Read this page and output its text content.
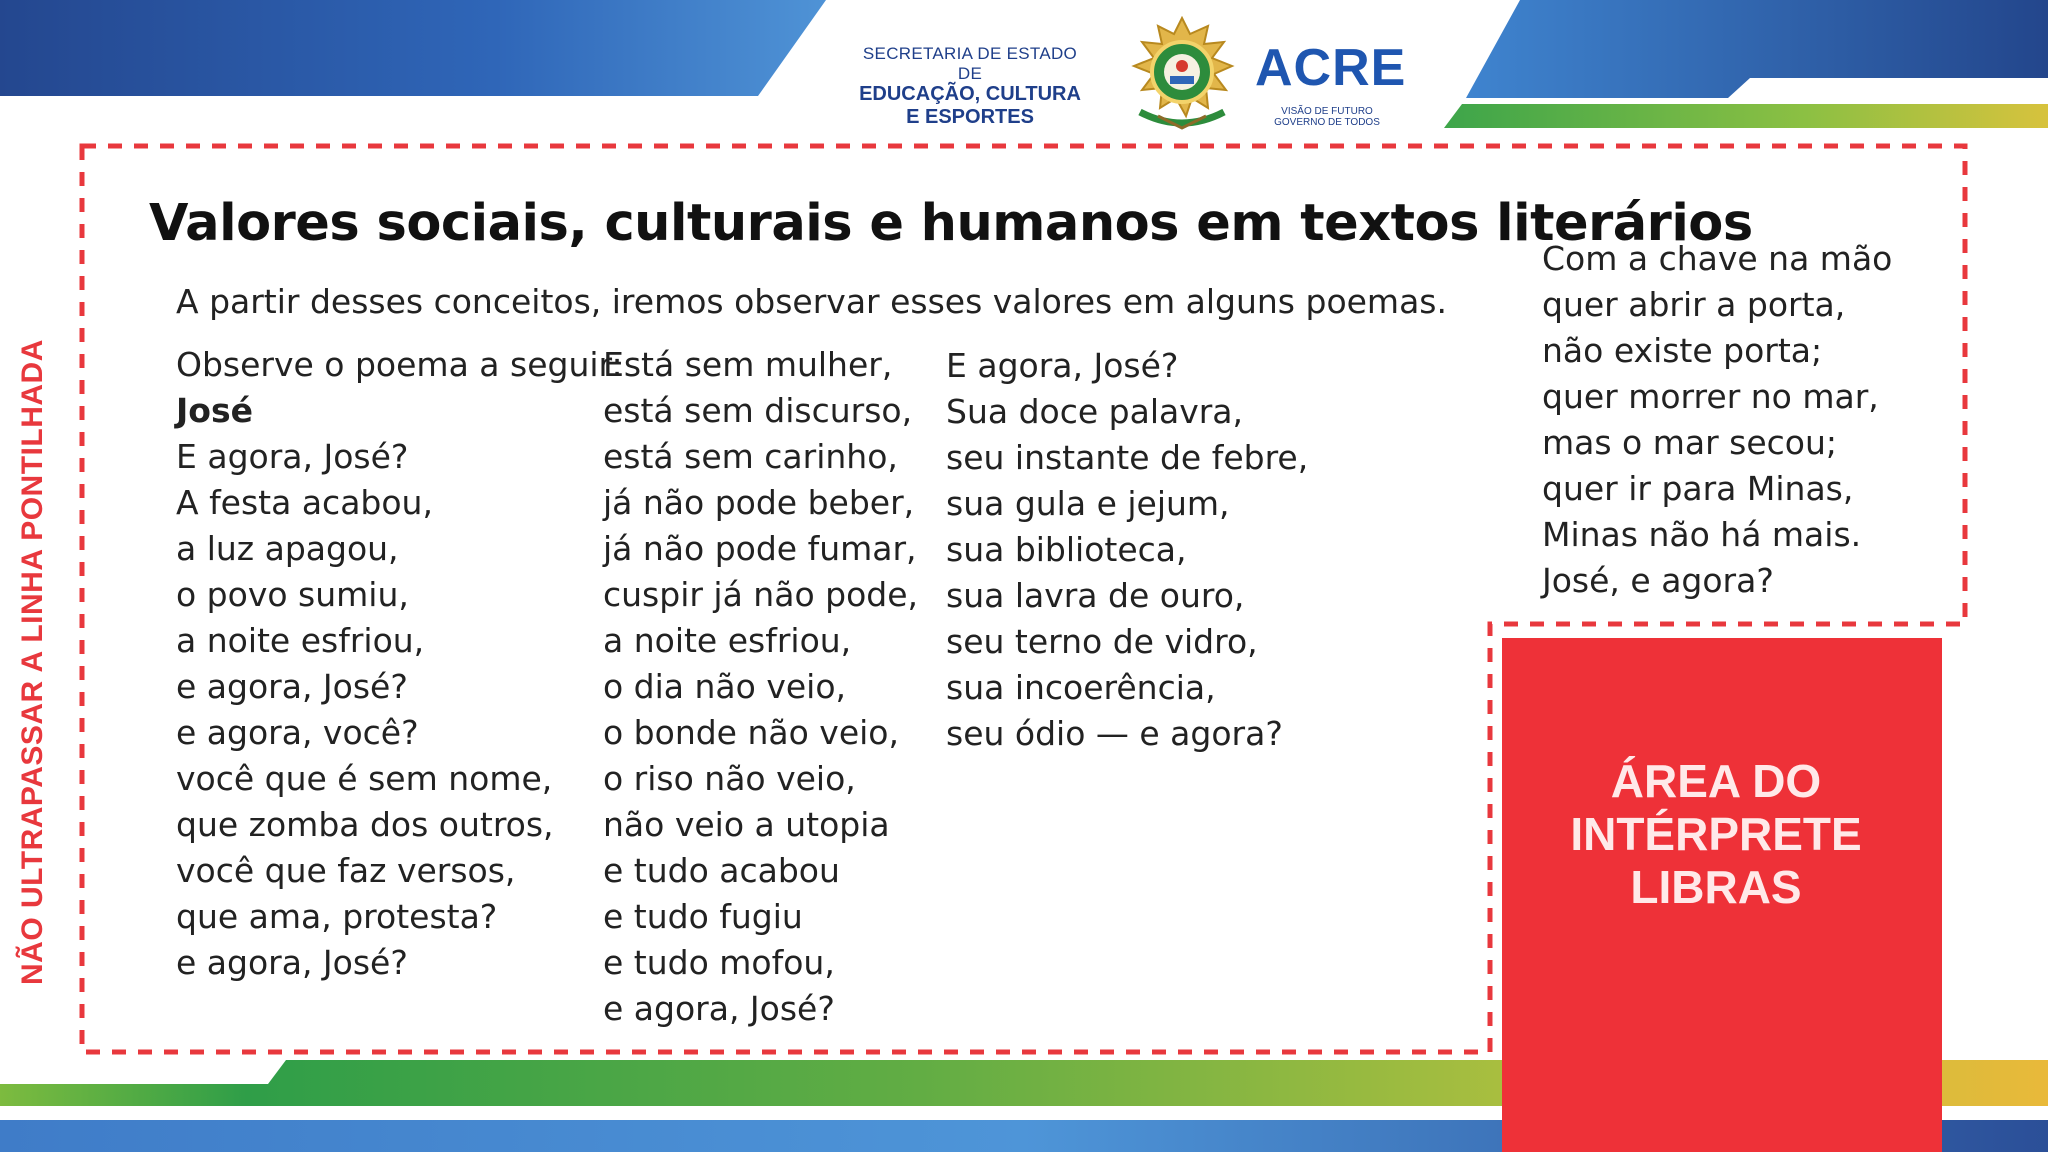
SECRETARIA DE ESTADO DE
EDUCAÇÃO, CULTURA
E ESPORTES
ACRE
VISÃO DE FUTURO
GOVERNO DE TODOS
NÃO ULTRAPASSAR A LINHA PONTILHADA
Valores sociais, culturais e humanos em textos literários
A partir desses conceitos, iremos observar esses valores em alguns poemas.
Observe o poema a seguir:
José
E agora, José?
A festa acabou,
a luz apagou,
o povo sumiu,
a noite esfriou,
e agora, José?
e agora, você?
você que é sem nome,
que zomba dos outros,
você que faz versos,
que ama, protesta?
e agora, José?
Está sem mulher,
está sem discurso,
está sem carinho,
já não pode beber,
já não pode fumar,
cuspir já não pode,
a noite esfriou,
o dia não veio,
o bonde não veio,
o riso não veio,
não veio a utopia
e tudo acabou
e tudo fugiu
e tudo mofou,
e agora, José?
E agora, José?
Sua doce palavra,
seu instante de febre,
sua gula e jejum,
sua biblioteca,
sua lavra de ouro,
seu terno de vidro,
sua incoerência,
seu ódio — e agora?
Com a chave na mão
quer abrir a porta,
não existe porta;
quer morrer no mar,
mas o mar secou;
quer ir para Minas,
Minas não há mais.
José, e agora?
ÁREA DO
INTÉRPRETE
LIBRAS
